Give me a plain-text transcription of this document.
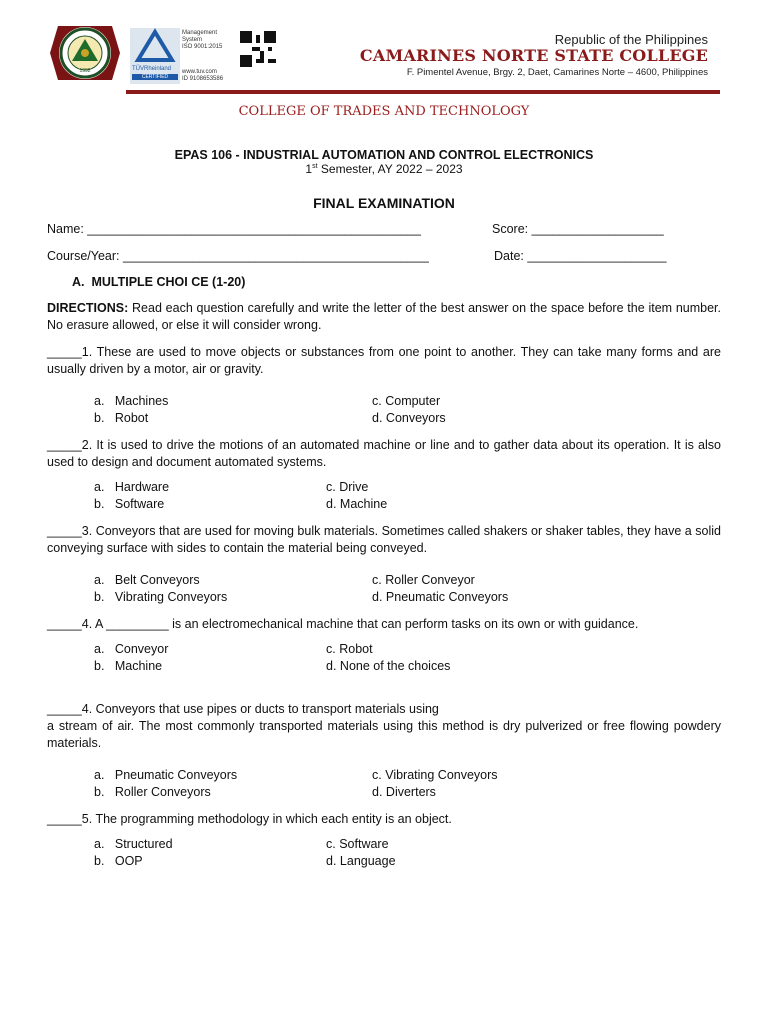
1992	TÜVRheinland
CERTIFIED
Management
System
ISO 9001:2015
www.tuv.com
ID 9108653586
Republic of the Philippines
CAMARINES NORTE STATE COLLEGE
F. Pimentel Avenue, Brgy. 2, Daet, Camarines Norte – 4600, Philippines
COLLEGE OF TRADES AND TECHNOLOGY
EPAS 106 - INDUSTRIAL AUTOMATION AND CONTROL ELECTRONICS
1st Semester, AY 2022 – 2023
FINAL EXAMINATION
Name: ________________________________________________	Score: ___________________
Course/Year: ____________________________________________	Date: ____________________
A. MULTIPLE CHOI CE (1-20)
DIRECTIONS: Read each question carefully and write the letter of the best answer on the space before the item number. No erasure allowed, or else it will consider wrong.
_____1. These are used to move objects or substances from one point to another. They can take many forms and are usually driven by a motor, air or gravity.
a. Machines
b. Robot
c. Computer
d. Conveyors
_____2. It is used to drive the motions of an automated machine or line and to gather data about its operation. It is also used to design and document automated systems.
a. Hardware
b. Software
c. Drive
d. Machine
_____3. Conveyors that are used for moving bulk materials. Sometimes called shakers or shaker tables, they have a solid conveying surface with sides to contain the material being conveyed.
a. Belt Conveyors
b. Vibrating Conveyors
c. Roller Conveyor
d. Pneumatic Conveyors
_____4. A _________ is an electromechanical machine that can perform tasks on its own or with guidance.
a. Conveyor
b. Machine
c. Robot
d. None of the choices
_____4. Conveyors that use pipes or ducts to transport materials using
a stream of air. The most commonly transported materials using this method is dry pulverized or free flowing powdery materials.
a. Pneumatic Conveyors
b. Roller Conveyors
c. Vibrating Conveyors
d. Diverters
_____5. The programming methodology in which each entity is an object.
a. Structured
b. OOP
c. Software
d. Language
